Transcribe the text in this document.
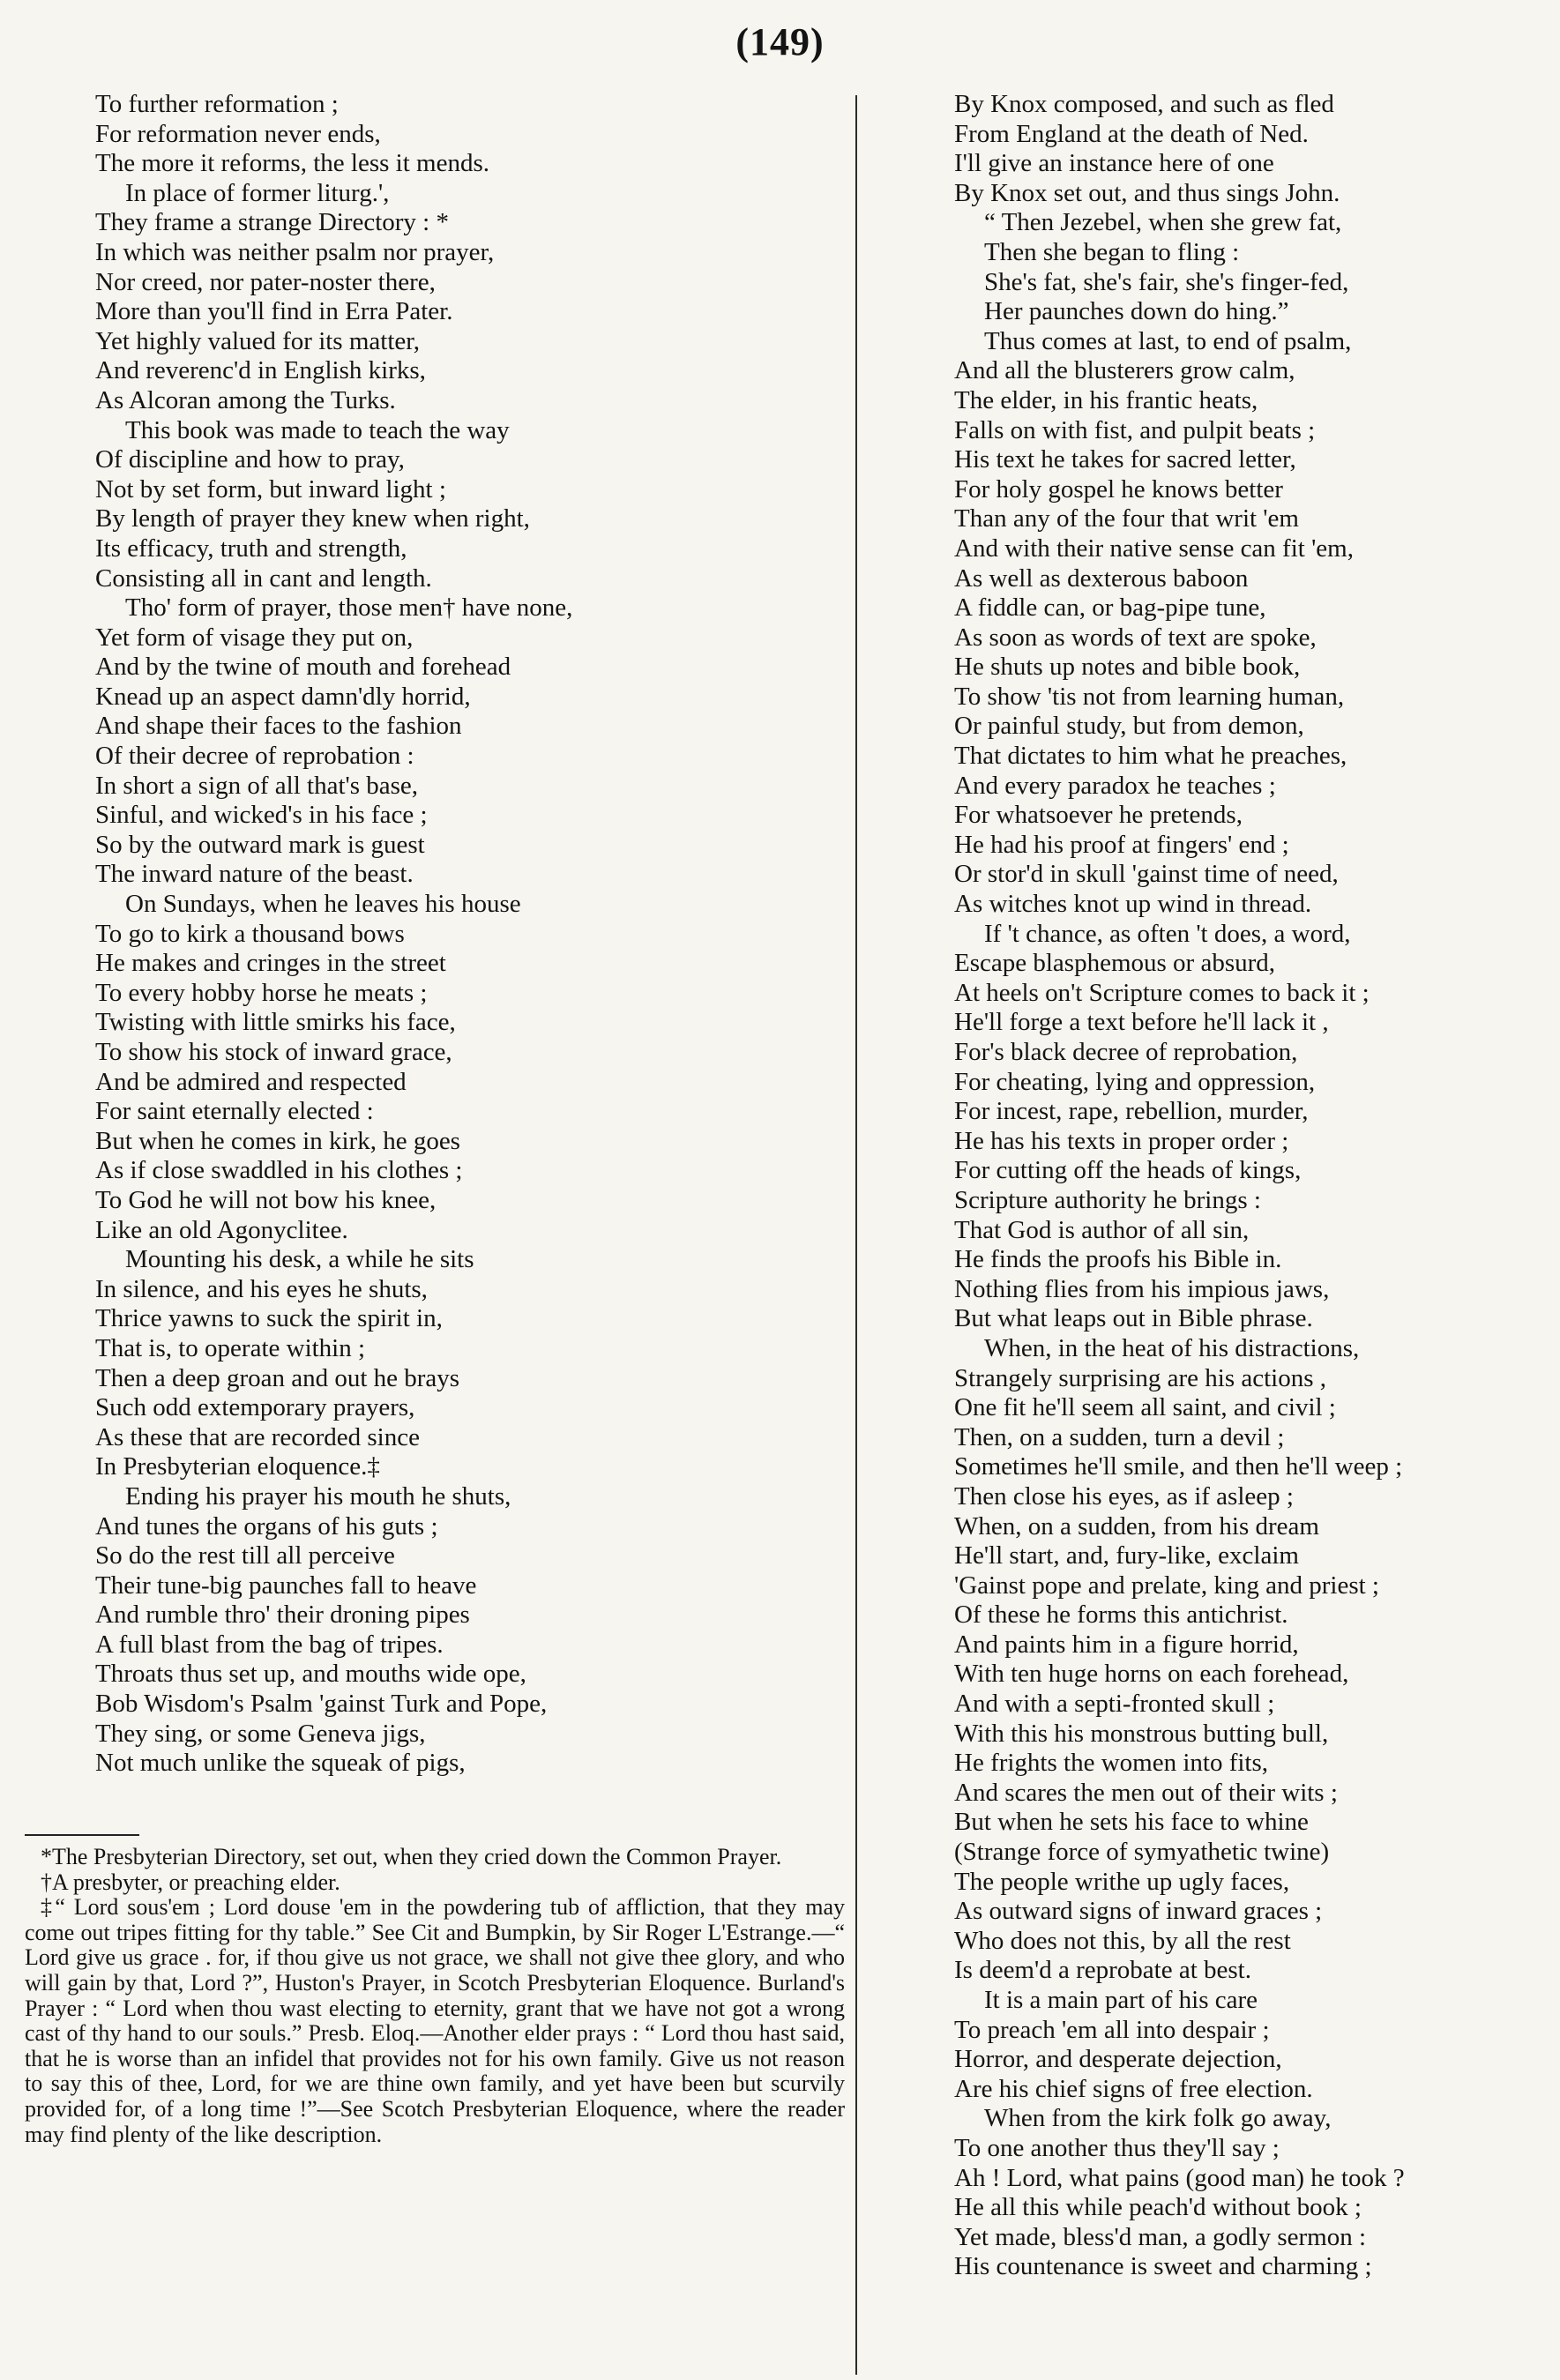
(149)
To further reformation ;
For reformation never ends,
The more it reforms, the less it mends.
In place of former liturg.',
They frame a strange Directory : *
In which was neither psalm nor prayer,
Nor creed, nor pater-noster there,
More than you'll find in Erra Pater.
Yet highly valued for its matter,
And reverenc'd in English kirks,
As Alcoran among the Turks.
This book was made to teach the way
Of discipline and how to pray,
Not by set form, but inward light ;
By length of prayer they knew when right,
Its efficacy, truth and strength,
Consisting all in cant and length.
Tho' form of prayer, those men† have none,
Yet form of visage they put on,
And by the twine of mouth and forehead
Knead up an aspect damn'dly horrid,
And shape their faces to the fashion
Of their decree of reprobation :
In short a sign of all that's base,
Sinful, and wicked's in his face ;
So by the outward mark is guest
The inward nature of the beast.
On Sundays, when he leaves his house
To go to kirk a thousand bows
He makes and cringes in the street
To every hobby horse he meats ;
Twisting with little smirks his face,
To show his stock of inward grace,
And be admired and respected
For saint eternally elected :
But when he comes in kirk, he goes
As if close swaddled in his clothes ;
To God he will not bow his knee,
Like an old Agonyclitee.
Mounting his desk, a while he sits
In silence, and his eyes he shuts,
Thrice yawns to suck the spirit in,
That is, to operate within ;
Then a deep groan and out he brays
Such odd extemporary prayers,
As these that are recorded since
In Presbyterian eloquence.‡
Ending his prayer his mouth he shuts,
And tunes the organs of his guts ;
So do the rest till all perceive
Their tune-big paunches fall to heave
And rumble thro' their droning pipes
A full blast from the bag of tripes.
Throats thus set up, and mouths wide ope,
Bob Wisdom's Psalm 'gainst Turk and Pope,
They sing, or some Geneva jigs,
Not much unlike the squeak of pigs,
By Knox composed, and such as fled
From England at the death of Ned.
I'll give an instance here of one
By Knox set out, and thus sings John.
“ Then Jezebel, when she grew fat,
Then she began to fling :
She's fat, she's fair, she's finger-fed,
Her paunches down do hing.”
Thus comes at last, to end of psalm,
And all the blusterers grow calm,
The elder, in his frantic heats,
Falls on with fist, and pulpit beats ;
His text he takes for sacred letter,
For holy gospel he knows better
Than any of the four that writ 'em
And with their native sense can fit 'em,
As well as dexterous baboon
A fiddle can, or bag-pipe tune,
As soon as words of text are spoke,
He shuts up notes and bible book,
To show 'tis not from learning human,
Or painful study, but from demon,
That dictates to him what he preaches,
And every paradox he teaches ;
For whatsoever he pretends,
He had his proof at fingers' end ;
Or stor'd in skull 'gainst time of need,
As witches knot up wind in thread.
If 't chance, as often 't does, a word,
Escape blasphemous or absurd,
At heels on't Scripture comes to back it ;
He'll forge a text before he'll lack it ,
For's black decree of reprobation,
For cheating, lying and oppression,
For incest, rape, rebellion, murder,
He has his texts in proper order ;
For cutting off the heads of kings,
Scripture authority he brings :
That God is author of all sin,
He finds the proofs his Bible in.
Nothing flies from his impious jaws,
But what leaps out in Bible phrase.
When, in the heat of his distractions,
Strangely surprising are his actions ,
One fit he'll seem all saint, and civil ;
Then, on a sudden, turn a devil ;
Sometimes he'll smile, and then he'll weep ;
Then close his eyes, as if asleep ;
When, on a sudden, from his dream
He'll start, and, fury-like, exclaim
'Gainst pope and prelate, king and priest ;
Of these he forms this antichrist.
And paints him in a figure horrid,
With ten huge horns on each forehead,
And with a septi-fronted skull ;
With this his monstrous butting bull,
He frights the women into fits,
And scares the men out of their wits ;
But when he sets his face to whine
(Strange force of symyathetic twine)
The people writhe up ugly faces,
As outward signs of inward graces ;
Who does not this, by all the rest
Is deem'd a reprobate at best.
It is a main part of his care
To preach 'em all into despair ;
Horror, and desperate dejection,
Are his chief signs of free election.
When from the kirk folk go away,
To one another thus they'll say ;
Ah ! Lord, what pains (good man) he took ?
He all this while peach'd without book ;
Yet made, bless'd man, a godly sermon :
His countenance is sweet and charming ;

*The Presbyterian Directory, set out, when they cried down the Common Prayer.

†A presbyter, or preaching elder.

‡“ Lord sous'em ; Lord douse 'em in the powdering tub of affliction, that they may come out tripes fitting for thy table.” See Cit and Bumpkin, by Sir Roger L'Estrange.—“ Lord give us grace . for, if thou give us not grace, we shall not give thee glory, and who will gain by that, Lord ?”, Huston's Prayer, in Scotch Presbyterian Eloquence. Burland's Prayer : “ Lord when thou wast electing to eternity, grant that we have not got a wrong cast of thy hand to our souls.” Presb. Eloq.—Another elder prays : “ Lord thou hast said, that he is worse than an infidel that provides not for his own family. Give us not reason to say this of thee, Lord, for we are thine own family, and yet have been but scurvily provided for, of a long time !”—See Scotch Presbyterian Eloquence, where the reader may find plenty of the like description.
